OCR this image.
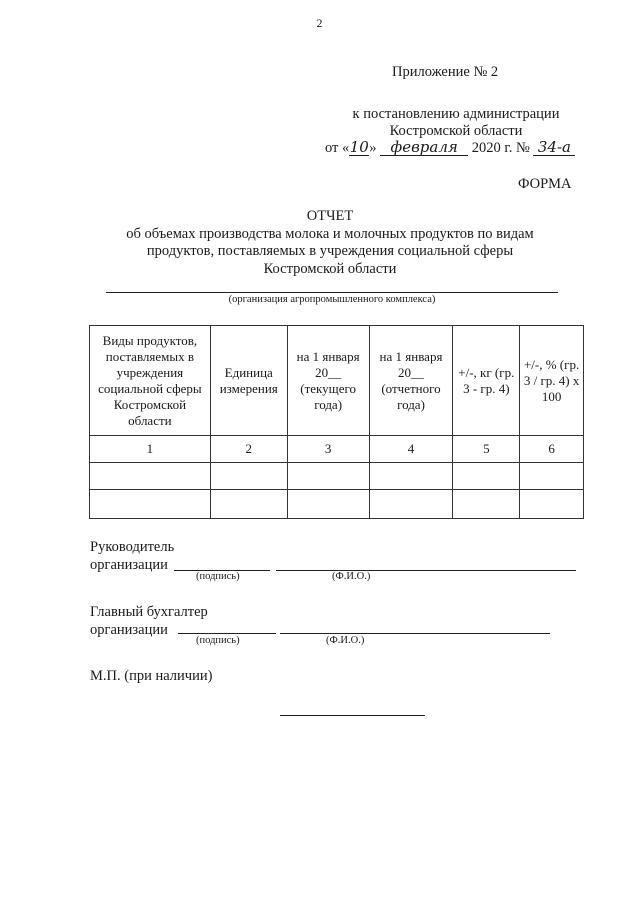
2
Приложение № 2
к постановлению администрации
Костромской области
от «10» февраля 2020 г. № 34-а
ФОРМА
ОТЧЕТ
об объемах производства молока и молочных продуктов по видам
продуктов, поставляемых в учреждения социальной сферы
Костромской области
(организация агропромышленного комплекса)
Виды продуктов, поставляемых в учреждения социальной сферы Костромской области	Единица измерения	на 1 января 20__ (текущего года)	на 1 января 20__ (отчетного года)	+/-, кг (гр. 3 - гр. 4)	+/-, % (гр. 3 / гр. 4) х 100
1	2	3	4	5	6

Руководитель
организации
(подпись)	(Ф.И.О.)
Главный бухгалтер
организации
(подпись)	(Ф.И.О.)
М.П. (при наличии)
